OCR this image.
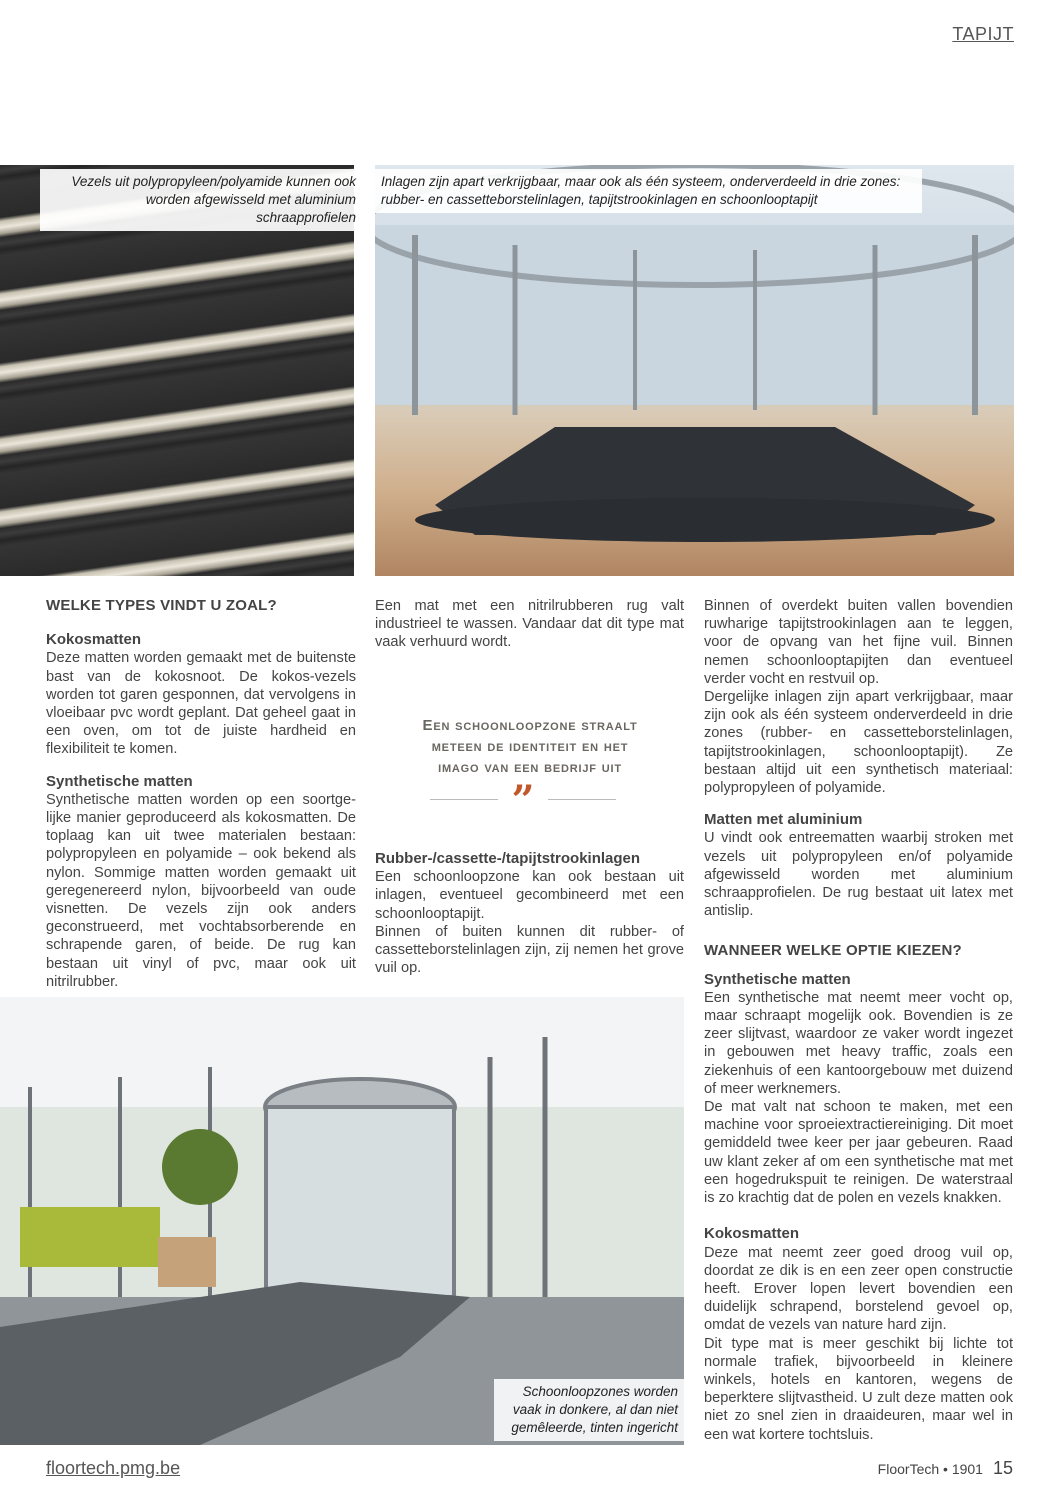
TAPIJT
Vezels uit polypropyleen/polyamide kunnen ook worden afgewisseld met aluminium schraapprofielen
Inlagen zijn apart verkrijgbaar, maar ook als één systeem, onderverdeeld in drie zones: rubber- en cassetteborstelinlagen, tapijtstrookinlagen en schoonlooptapijt
WELKE TYPES VINDT U ZOAL?
Kokosmatten

Deze matten worden gemaakt met de buitenste bast van de kokosnoot. De kokos-vezels worden tot garen gesponnen, dat vervolgens in vloeibaar pvc wordt geplant. Dat geheel gaat in een oven, om tot de juiste hardheid en flexibiliteit te komen.

Synthetische matten

Synthetische matten worden op een soortge-lijke manier geproduceerd als kokosmatten. De toplaag kan uit twee materialen bestaan: polypropyleen en polyamide – ook bekend als nylon. Sommige matten worden gemaakt uit geregenereerd nylon, bijvoorbeeld van oude visnetten. De vezels zijn ook anders geconstrueerd, met vochtabsorberende en schrapende garen, of beide. De rug kan bestaan uit vinyl of pvc, maar ook uit nitrilrubber.

Een mat met een nitrilrubberen rug valt industrieel te wassen. Vandaar dat dit type mat vaak verhuurd wordt.

Een schoonloopzone straalt meteen de identiteit en het imago van een bedrijf uit
”
Rubber-/cassette-/tapijtstrookinlagen

Een schoonloopzone kan ook bestaan uit inlagen, eventueel gecombineerd met een schoonlooptapijt.

Binnen of buiten kunnen dit rubber- of cassetteborstelinlagen zijn, zij nemen het grove vuil op.

Binnen of overdekt buiten vallen bovendien ruwharige tapijtstrookinlagen aan te leggen, voor de opvang van het fijne vuil. Binnen nemen schoonlooptapijten dan eventueel verder vocht en restvuil op.

Dergelijke inlagen zijn apart verkrijgbaar, maar zijn ook als één systeem onderverdeeld in drie zones (rubber- en cassetteborstelinlagen, tapijtstrookinlagen, schoonlooptapijt). Ze bestaan altijd uit een synthetisch materiaal: polypropyleen of polyamide.

Matten met aluminium

U vindt ook entreematten waarbij stroken met vezels uit polypropyleen en/of polyamide afgewisseld worden met aluminium schraapprofielen. De rug bestaat uit latex met antislip.

WANNEER WELKE OPTIE KIEZEN?
Synthetische matten

Een synthetische mat neemt meer vocht op, maar schraapt mogelijk ook. Bovendien is ze zeer slijtvast, waardoor ze vaker wordt ingezet in gebouwen met heavy traffic, zoals een ziekenhuis of een kantoorgebouw met duizend of meer werknemers.

De mat valt nat schoon te maken, met een machine voor sproeiextractiereiniging. Dit moet gemiddeld twee keer per jaar gebeuren. Raad uw klant zeker af om een synthetische mat met een hogedrukspuit te reinigen. De waterstraal is zo krachtig dat de polen en vezels knakken.

Kokosmatten

Deze mat neemt zeer goed droog vuil op, doordat ze dik is en een zeer open constructie heeft. Erover lopen levert bovendien een duidelijk schrapend, borstelend gevoel op, omdat de vezels van nature hard zijn.

Dit type mat is meer geschikt bij lichte tot normale trafiek, bijvoorbeeld in kleinere winkels, hotels en kantoren, wegens de beperktere slijtvastheid. U zult deze matten ook niet zo snel zien in draaideuren, maar wel in een wat kortere tochtsluis.

Schoonloopzones worden vaak in donkere, al dan niet gemêleerde, tinten ingericht
floortech.pmg.be	FloorTech • 1901 15
